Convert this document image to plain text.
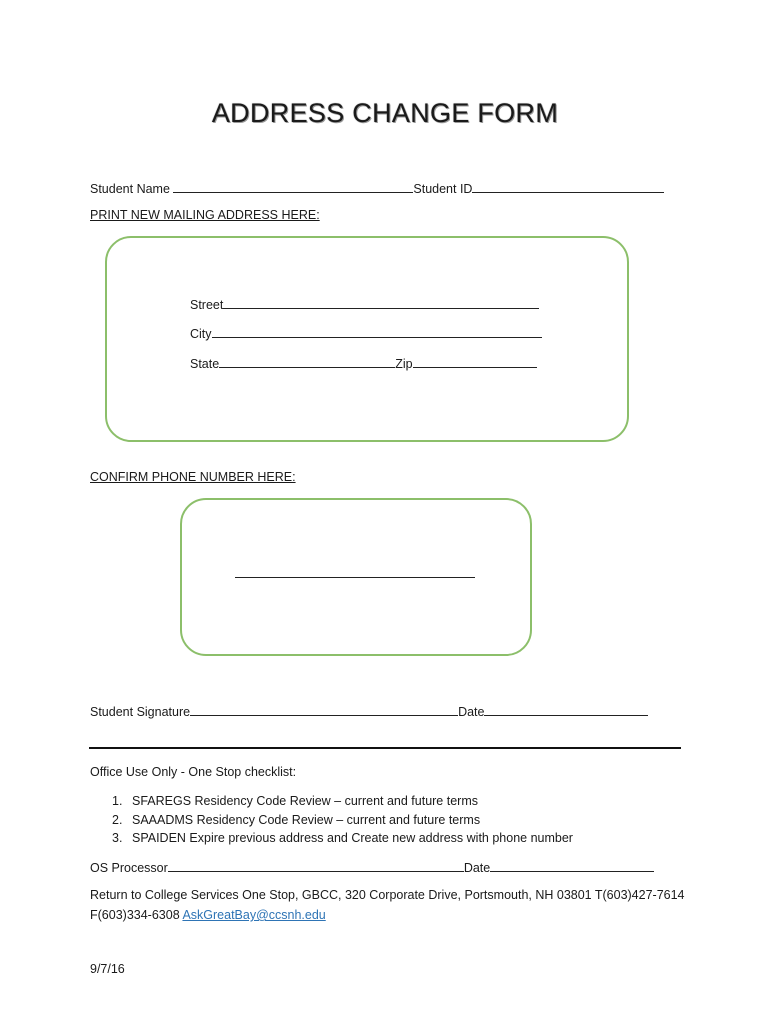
ADDRESS CHANGE FORM
Student Name	Student ID
PRINT NEW MAILING ADDRESS HERE:
Street
City
State	Zip
CONFIRM PHONE NUMBER HERE:
Student Signature	Date
Office Use Only - One Stop checklist:
1. SFAREGS Residency Code Review – current and future terms
2. SAAADMS Residency Code Review – current and future terms
3. SPAIDEN Expire previous address and Create new address with phone number
OS Processor	Date
Return to College Services One Stop, GBCC, 320 Corporate Drive, Portsmouth, NH 03801 T(603)427-7614
F(603)334-6308 AskGreatBay@ccsnh.edu
9/7/16
